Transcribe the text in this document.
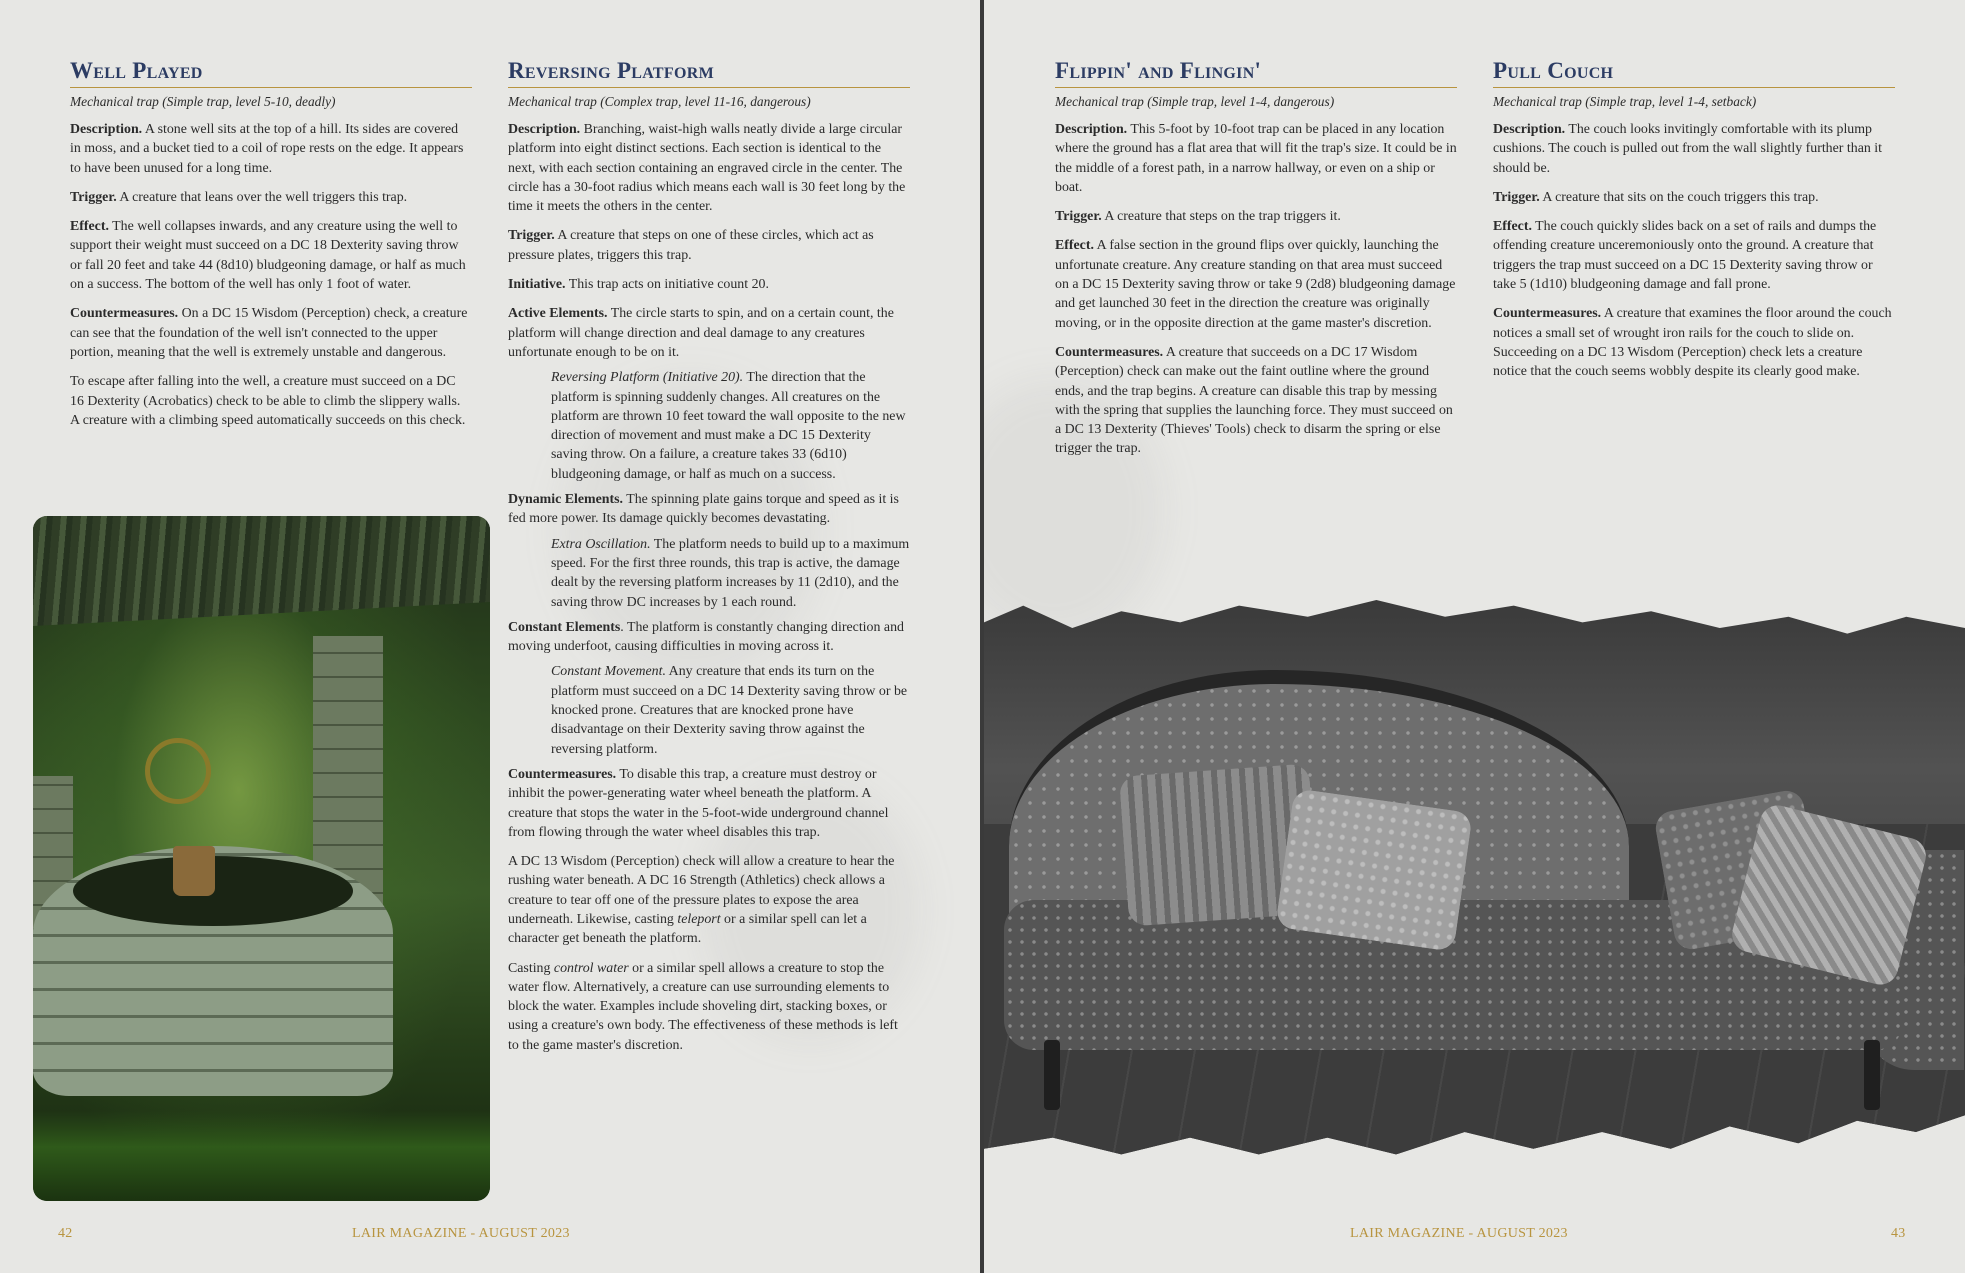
Well Played
Mechanical trap (Simple trap, level 5-10, deadly)

Description. A stone well sits at the top of a hill. Its sides are covered in moss, and a bucket tied to a coil of rope rests on the edge. It appears to have been unused for a long time.

Trigger. A creature that leans over the well triggers this trap.

Effect. The well collapses inwards, and any creature using the well to support their weight must succeed on a DC 18 Dexterity saving throw or fall 20 feet and take 44 (8d10) bludgeoning damage, or half as much on a success. The bottom of the well has only 1 foot of water.

Countermeasures. On a DC 15 Wisdom (Perception) check, a creature can see that the foundation of the well isn't connected to the upper portion, meaning that the well is extremely unstable and dangerous.

To escape after falling into the well, a creature must succeed on a DC 16 Dexterity (Acrobatics) check to be able to climb the slippery walls. A creature with a climbing speed automatically succeeds on this check.

Reversing Platform
Mechanical trap (Complex trap, level 11-16, dangerous)

Description. Branching, waist-high walls neatly divide a large circular platform into eight distinct sections. Each section is identical to the next, with each section containing an engraved circle in the center. The circle has a 30-foot radius which means each wall is 30 feet long by the time it meets the others in the center.

Trigger. A creature that steps on one of these circles, which act as pressure plates, triggers this trap.

Initiative. This trap acts on initiative count 20.

Active Elements. The circle starts to spin, and on a certain count, the platform will change direction and deal damage to any creatures unfortunate enough to be on it.

Reversing Platform (Initiative 20). The direction that the platform is spinning suddenly changes. All creatures on the platform are thrown 10 feet toward the wall opposite to the new direction of movement and must make a DC 15 Dexterity saving throw. On a failure, a creature takes 33 (6d10) bludgeoning damage, or half as much on a success.

Dynamic Elements. The spinning plate gains torque and speed as it is fed more power. Its damage quickly becomes devastating.

Extra Oscillation. The platform needs to build up to a maximum speed. For the first three rounds, this trap is active, the damage dealt by the reversing platform increases by 11 (2d10), and the saving throw DC increases by 1 each round.

Constant Elements. The platform is constantly changing direction and moving underfoot, causing difficulties in moving across it.

Constant Movement. Any creature that ends its turn on the platform must succeed on a DC 14 Dexterity saving throw or be knocked prone. Creatures that are knocked prone have disadvantage on their Dexterity saving throw against the reversing platform.

Countermeasures. To disable this trap, a creature must destroy or inhibit the power-generating water wheel beneath the platform. A creature that stops the water in the 5-foot-wide underground channel from flowing through the water wheel disables this trap.

A DC 13 Wisdom (Perception) check will allow a creature to hear the rushing water beneath. A DC 16 Strength (Athletics) check allows a creature to tear off one of the pressure plates to expose the area underneath. Likewise, casting teleport or a similar spell can let a character get beneath the platform.

Casting control water or a similar spell allows a creature to stop the water flow. Alternatively, a creature can use surrounding elements to block the water. Examples include shoveling dirt, stacking boxes, or using a creature's own body. The effectiveness of these methods is left to the game master's discretion.

42	LAIR MAGAZINE - AUGUST 2023
Flippin' and Flingin'
Mechanical trap (Simple trap, level 1-4, dangerous)

Description. This 5-foot by 10-foot trap can be placed in any location where the ground has a flat area that will fit the trap's size. It could be in the middle of a forest path, in a narrow hallway, or even on a ship or boat.

Trigger. A creature that steps on the trap triggers it.

Effect. A false section in the ground flips over quickly, launching the unfortunate creature. Any creature standing on that area must succeed on a DC 15 Dexterity saving throw or take 9 (2d8) bludgeoning damage and get launched 30 feet in the direction the creature was originally moving, or in the opposite direction at the game master's discretion.

Countermeasures. A creature that succeeds on a DC 17 Wisdom (Perception) check can make out the faint outline where the ground ends, and the trap begins. A creature can disable this trap by messing with the spring that supplies the launching force. They must succeed on a DC 13 Dexterity (Thieves' Tools) check to disarm the spring or else trigger the trap.

Pull Couch
Mechanical trap (Simple trap, level 1-4, setback)

Description. The couch looks invitingly comfortable with its plump cushions. The couch is pulled out from the wall slightly further than it should be.

Trigger. A creature that sits on the couch triggers this trap.

Effect. The couch quickly slides back on a set of rails and dumps the offending creature unceremoniously onto the ground. A creature that triggers the trap must succeed on a DC 15 Dexterity saving throw or take 5 (1d10) bludgeoning damage and fall prone.

Countermeasures. A creature that examines the floor around the couch notices a small set of wrought iron rails for the couch to slide on. Succeeding on a DC 13 Wisdom (Perception) check lets a creature notice that the couch seems wobbly despite its clearly good make.

LAIR MAGAZINE - AUGUST 2023	43
